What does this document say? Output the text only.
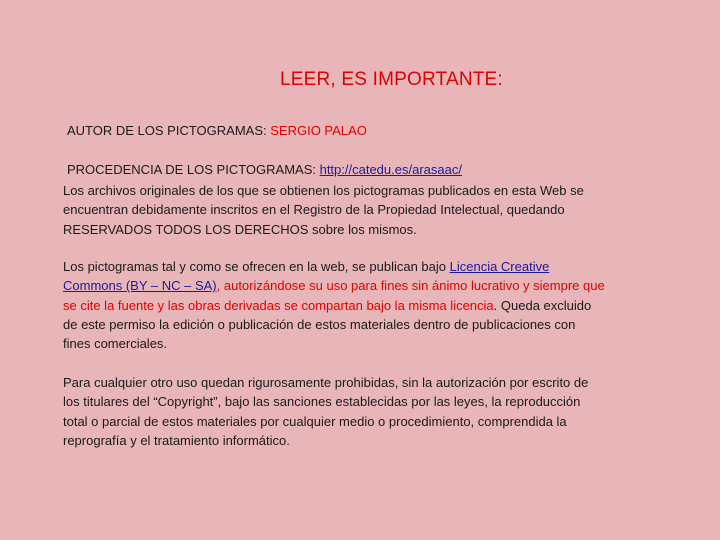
LEER, ES IMPORTANTE:
AUTOR DE LOS PICTOGRAMAS: SERGIO PALAO
PROCEDENCIA DE LOS PICTOGRAMAS: http://catedu.es/arasaac/
Los archivos originales de los que se obtienen los pictogramas publicados en esta Web se
encuentran debidamente inscritos en el Registro de la Propiedad Intelectual, quedando
RESERVADOS TODOS LOS DERECHOS sobre los mismos.
Los pictogramas tal y como se ofrecen en la web, se publican bajo Licencia Creative
Commons (BY – NC – SA), autorizándose su uso para fines sin ánimo lucrativo y siempre que
se cite la fuente y las obras derivadas se compartan bajo la misma licencia. Queda excluido
de este permiso la edición o publicación de estos materiales dentro de publicaciones con
fines comerciales.
Para cualquier otro uso quedan rigurosamente prohibidas, sin la autorización por escrito de
los titulares del “Copyright”, bajo las sanciones establecidas por las leyes, la reproducción
total o parcial de estos materiales por cualquier medio o procedimiento, comprendida la
reprografía y el tratamiento informático.
